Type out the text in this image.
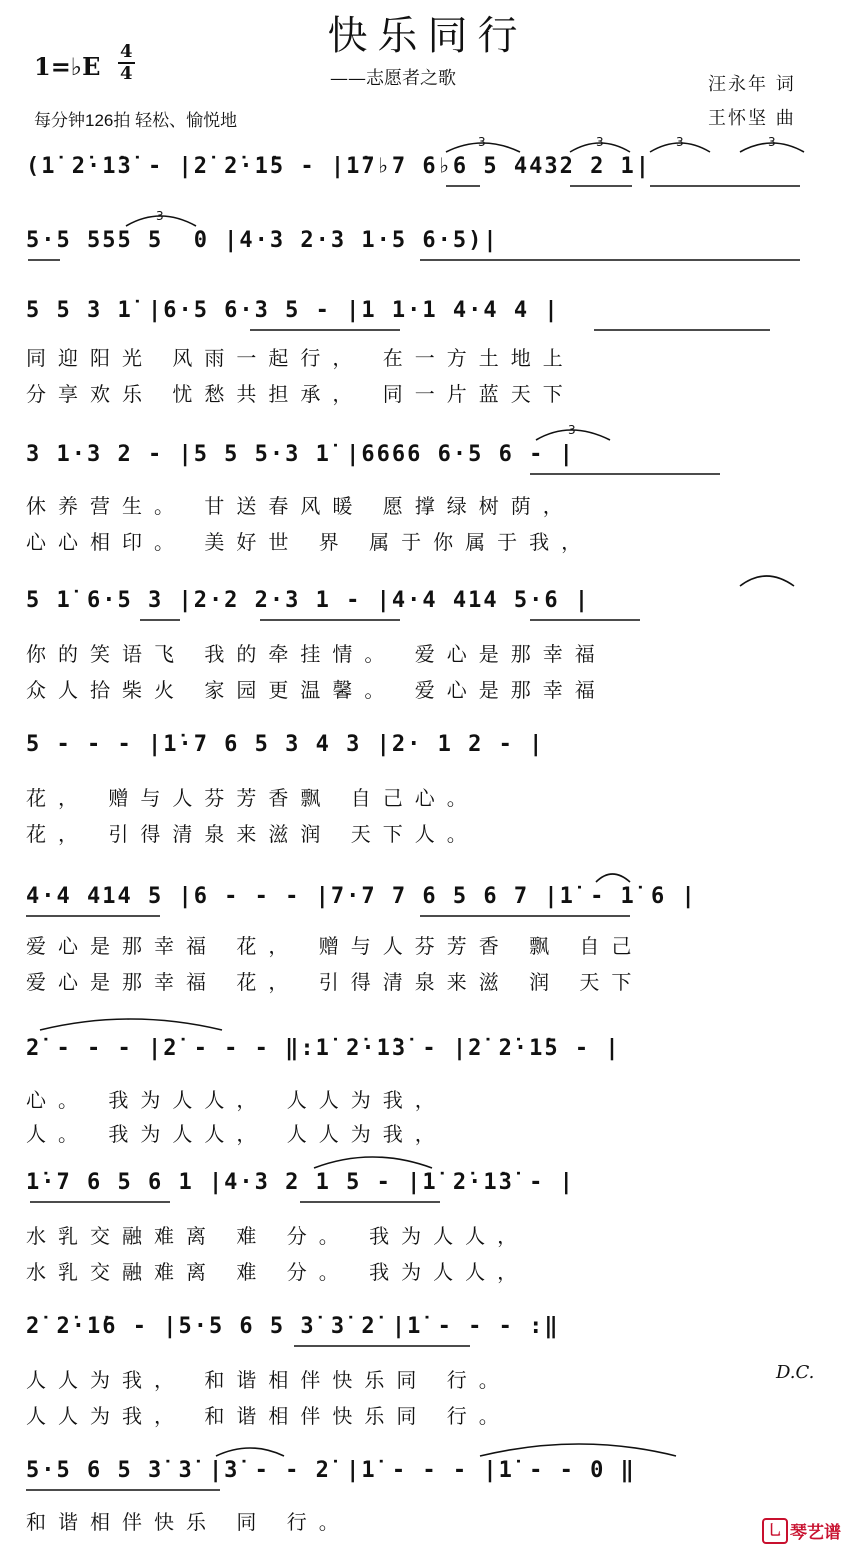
快乐同行
——志愿者之歌
1=♭E
4
4
每分钟126拍 轻松、愉悦地
汪永年 词
王怀坚 曲
(1̇ 2̇·1̇3̇ - |2̇ 2̇·1̇5 - |1̇7♭7 6♭6 5 4432 2 1|
5·5 555 5  0 |4·3 2·3 1·5 6·5)|
5 5 3 1̇ |6·5 6·3 5 - |1 1·1 4·4 4 |
同迎阳光 风雨一起行， 在一方土地上
分享欢乐 忧愁共担承， 同一片蓝天下
3 1·3 2 - |5 5 5·3 1̇ |6666 6·5 6 - |
休养营生。 甘送春风暖 愿撑绿树荫，
心心相印。 美好世 界 属于你属于我，
5 1̇ 6·5 3 |2·2 2·3 1 - |4·4 414 5·6 |
你的笑语飞 我的牵挂情。 爱心是那幸福
众人拾柴火 家园更温馨。 爱心是那幸福
5 - - - |1̇·7 6 5 3 4 3 |2· 1 2 - |
花， 赠与人芬芳香飘 自己心。
花， 引得清泉来滋润 天下人。
4·4 414 5 |6 - - - |7·7 7 6 5 6 7 |1̇ - 1̇ 6 |
爱心是那幸福 花， 赠与人芬芳香 飘 自己
爱心是那幸福 花， 引得清泉来滋 润 天下
2̇ - - - |2̇ - - - ‖:1̇ 2̇·1̇3̇ - |2̇ 2̇·1̇5 - |
心。 我为人人， 人人为我，
人。 我为人人， 人人为我，
1̇·7 6 5 6 1 |4·3 2 1 5 - |1̇ 2̇·1̇3̇ - |
水乳交融难离 难 分。 我为人人，
水乳交融难离 难 分。 我为人人，
2̇ 2̇·1̇6 - |5·5 6 5 3̇ 3̇ 2̇ |1̇ - - - :‖
人人为我， 和谐相伴快乐同 行。
人人为我， 和谐相伴快乐同 行。
D.C.
5·5 6 5 3̇ 3̇ |3̇ - - 2̇ |1̇ - - - |1̇ - - 0 ‖
和谐相伴快乐 同 行。
3	3	3	3
3
3
乚 琴艺谱
